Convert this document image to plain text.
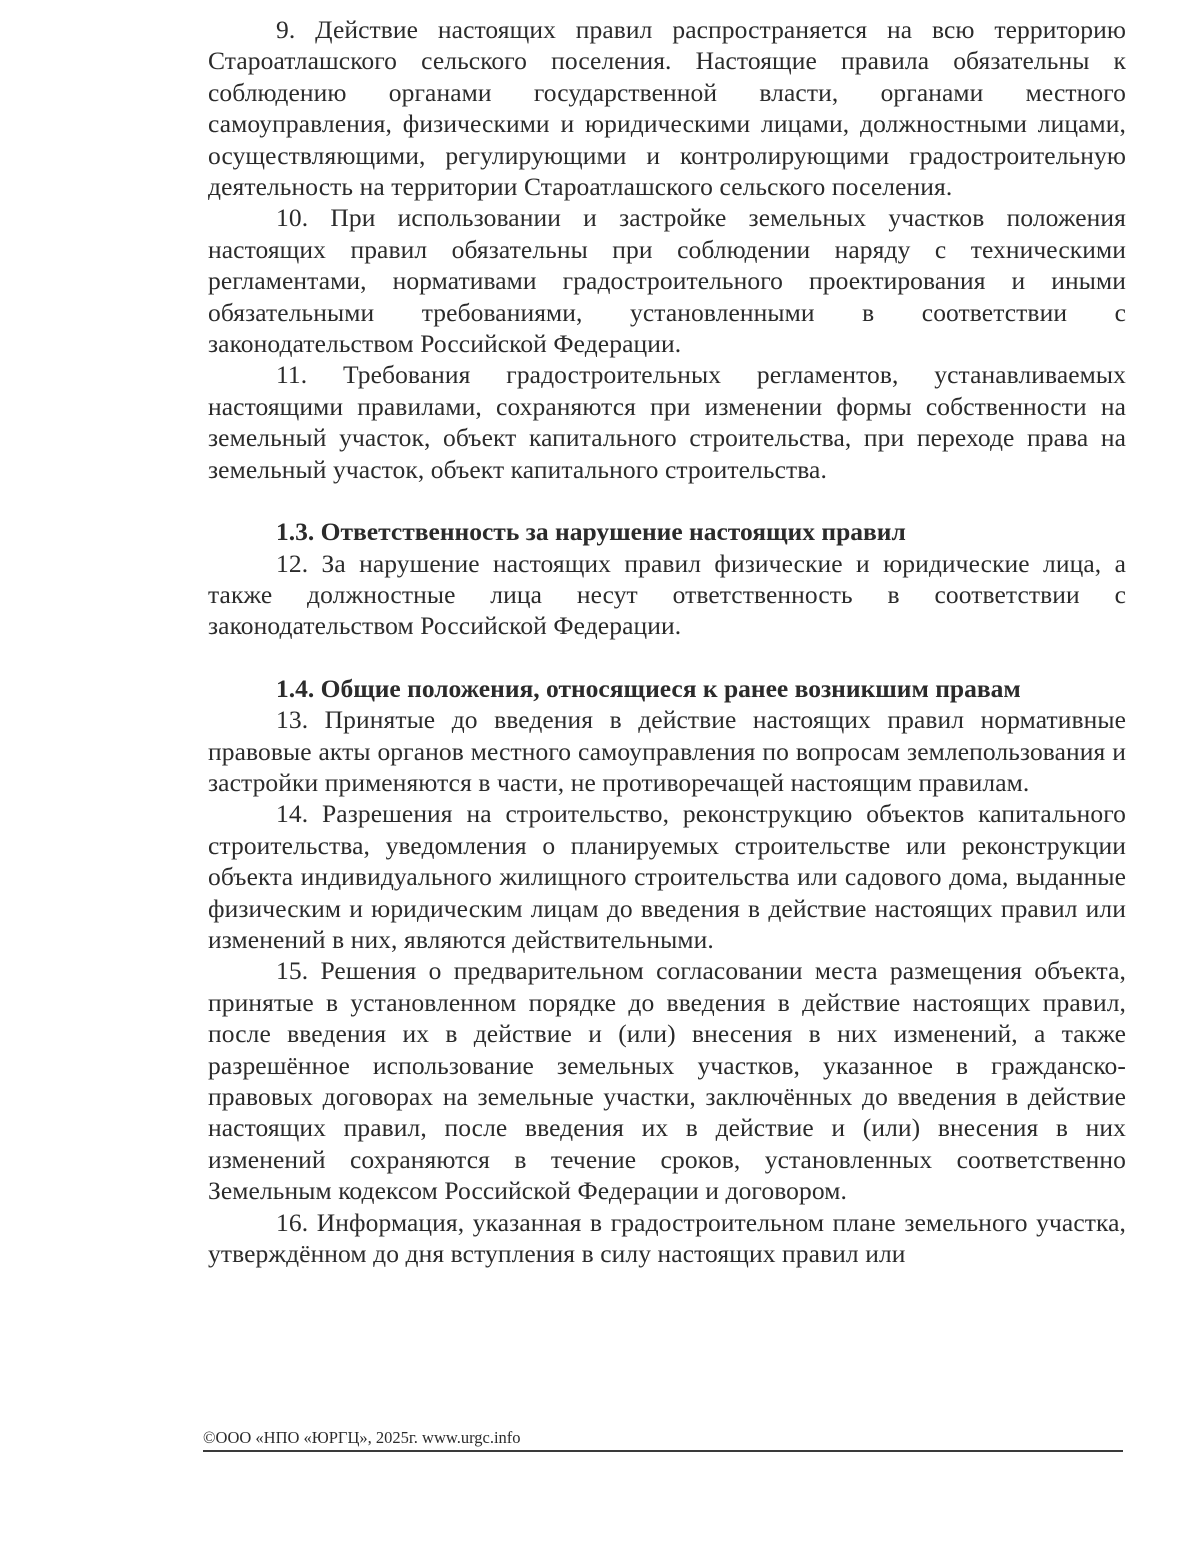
9. Действие настоящих правил распространяется на всю территорию Староатлашского сельского поселения. Настоящие правила обязательны к соблюдению органами государственной власти, органами местного самоуправления, физическими и юридическими лицами, должностными лицами, осуществляющими, регулирующими и контролирующими градостроительную деятельность на территории Староатлашского сельского поселения.

10. При использовании и застройке земельных участков положения настоящих правил обязательны при соблюдении наряду с техническими регламентами, нормативами градостроительного проектирования и иными обязательными требованиями, установленными в соответствии с законодательством Российской Федерации.

11. Требования градостроительных регламентов, устанавливаемых настоящими правилами, сохраняются при изменении формы собственности на земельный участок, объект капитального строительства, при переходе права на земельный участок, объект капитального строительства.

1.3. Ответственность за нарушение настоящих правил

12. За нарушение настоящих правил физические и юридические лица, а также должностные лица несут ответственность в соответствии с законодательством Российской Федерации.

1.4. Общие положения, относящиеся к ранее возникшим правам

13. Принятые до введения в действие настоящих правил нормативные правовые акты органов местного самоуправления по вопросам землепользования и застройки применяются в части, не противоречащей настоящим правилам.

14. Разрешения на строительство, реконструкцию объектов капитального строительства, уведомления о планируемых строительстве или реконструкции объекта индивидуального жилищного строительства или садового дома, выданные физическим и юридическим лицам до введения в действие настоящих правил или изменений в них, являются действительными.

15. Решения о предварительном согласовании места размещения объекта, принятые в установленном порядке до введения в действие настоящих правил, после введения их в действие и (или) внесения в них изменений, а также разрешённое использование земельных участков, указанное в гражданско-правовых договорах на земельные участки, заключённых до введения в действие настоящих правил, после введения их в действие и (или) внесения в них изменений сохраняются в течение сроков, установленных соответственно Земельным кодексом Российской Федерации и договором.

16. Информация, указанная в градостроительном плане земельного участка, утверждённом до дня вступления в силу настоящих правил или

©ООО «НПО «ЮРГЦ», 2025г. www.urgc.info
